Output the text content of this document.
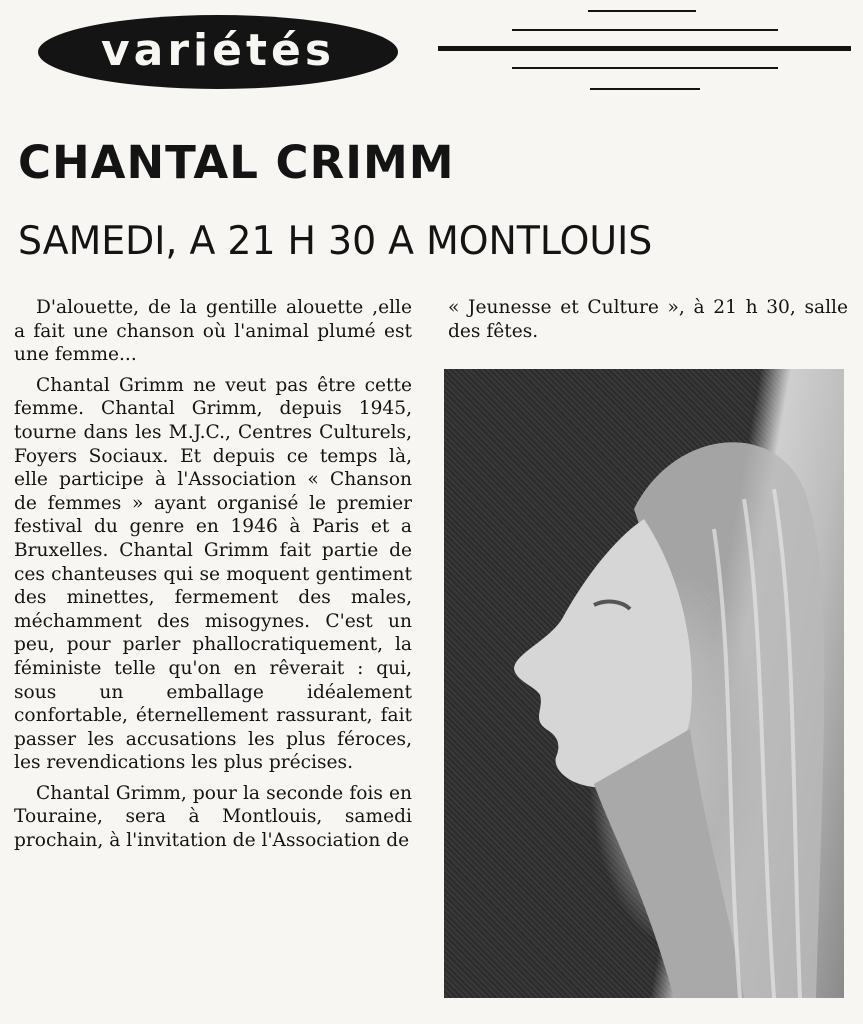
variétés
CHANTAL CRIMM
SAMEDI, A 21 H 30 A MONTLOUIS

D'alouette, de la gentille alouette ,elle a fait une chanson où l'animal plumé est une femme...

Chantal Grimm ne veut pas être cette femme. Chantal Grimm, depuis 1945, tourne dans les M.J.C., Centres Culturels, Foyers Sociaux. Et depuis ce temps là, elle participe à l'Association « Chanson de femmes » ayant organisé le premier festival du genre en 1946 à Paris et a Bruxelles. Chantal Grimm fait partie de ces chanteuses qui se moquent gentiment des minettes, fermement des males, méchamment des misogynes. C'est un peu, pour parler phallocratiquement, la féministe telle qu'on en rêverait : qui, sous un emballage idéalement confortable, éternellement rassurant, fait passer les accusations les plus féroces, les revendications les plus précises.

Chantal Grimm, pour la seconde fois en Touraine, sera à Montlouis, samedi prochain, à l'invitation de l'Association de

« Jeunesse et Culture », à 21 h 30, salle des fêtes.
